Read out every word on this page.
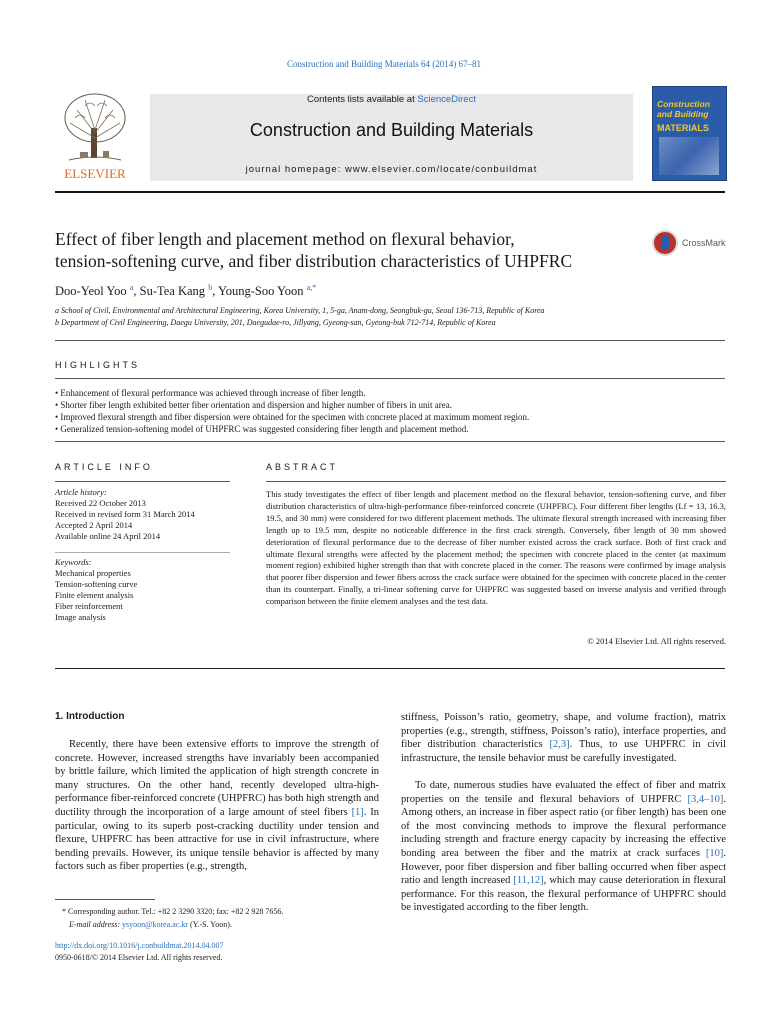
Construction and Building Materials 64 (2014) 67–81
ELSEVIER
Contents lists available at ScienceDirect
Construction and Building Materials
journal homepage: www.elsevier.com/locate/conbuildmat
Construction and Building
MATERIALS
Effect of fiber length and placement method on flexural behavior,
tension-softening curve, and fiber distribution characteristics of UHPFRC
CrossMark
Doo-Yeol Yoo $^a$, Su-Tea Kang $^b$, Young-Soo Yoon $^{a,*}$
a School of Civil, Environmental and Architectural Engineering, Korea University, 1, 5-ga, Anam-dong, Seongbuk-gu, Seoul 136-713, Republic of Korea
b Department of Civil Engineering, Daegu University, 201, Daegudae-ro, Jillyang, Gyeong-san, Gyeong-buk 712-714, Republic of Korea
HIGHLIGHTS
• Enhancement of flexural performance was achieved through increase of fiber length.
• Shorter fiber length exhibited better fiber orientation and dispersion and higher number of fibers in unit area.
• Improved flexural strength and fiber dispersion were obtained for the specimen with concrete placed at maximum moment region.
• Generalized tension-softening model of UHPFRC was suggested considering fiber length and placement method.
ARTICLE INFO
Article history:
Received 22 October 2013
Received in revised form 31 March 2014
Accepted 2 April 2014
Available online 24 April 2014
Keywords:
Mechanical properties
Tension-softening curve
Finite element analysis
Fiber reinforcement
Image analysis
ABSTRACT
This study investigates the effect of fiber length and placement method on the flexural behavior, tension-softening curve, and fiber distribution characteristics of ultra-high-performance fiber-reinforced concrete (UHPFRC). Four different fiber lengths (Lf = 13, 16.3, 19.5, and 30 mm) were considered for two different placement methods. The ultimate flexural strength increased with increasing fiber length up to 19.5 mm, despite no noticeable difference in the first crack strength. Conversely, fiber length of 30 mm showed deterioration of flexural performance due to the decrease of fiber number existed across the crack surface. Both of first crack and ultimate flexural strengths were affected by the placement method; the specimen with concrete placed in the center (at maximum moment region) exhibited higher strength than that with concrete placed in the corner. The reasons were confirmed by image analysis that poorer fiber dispersion and fewer fibers across the crack surface were obtained for the specimen with concrete placed in the center than its counterpart. Finally, a tri-linear softening curve for UHPFRC was suggested based on inverse analysis and verified through comparison between the finite element analyses and the test data.
© 2014 Elsevier Ltd. All rights reserved.
1. Introduction
Recently, there have been extensive efforts to improve the strength of concrete. However, increased strengths have invariably been accompanied by brittle failure, which limited the application of high strength concrete in many structures. On the other hand, recently developed ultra-high-performance fiber-reinforced concrete (UHPFRC) has both high strength and ductility through the incorporation of a large amount of steel fibers [1]. In particular, owing to its superb post-cracking ductility under tension and flexure, UHPFRC has been attractive for use in civil infrastructure, where bending prevails. However, its unique tensile behavior is affected by many factors such as fiber properties (e.g., strength,
stiffness, Poisson’s ratio, geometry, shape, and volume fraction), matrix properties (e.g., strength, stiffness, Poisson’s ratio), interface properties, and fiber distribution characteristics [2,3]. Thus, to use UHPFRC in civil infrastructure, the tensile behavior must be carefully investigated.
To date, numerous studies have evaluated the effect of fiber and matrix properties on the tensile and flexural behaviors of UHPFRC [3,4–10]. Among others, an increase in fiber aspect ratio (or fiber length) has been one of the most convincing methods to improve the flexural performance including strength and fracture energy capacity by increasing the effective bonding area between the fiber and the matrix at crack surfaces [10]. However, poor fiber dispersion and fiber balling occurred when fiber aspect ratio and length increased [11,12], which may cause deterioration in flexural performance. For this reason, the flexural performance of UHPFRC should be investigated according to the fiber length.
* Corresponding author. Tel.: +82 2 3290 3320; fax: +82 2 928 7656.
E-mail address: ysyoon@korea.ac.kr (Y.-S. Yoon).
http://dx.doi.org/10.1016/j.conbuildmat.2014.04.007
0950-0618/© 2014 Elsevier Ltd. All rights reserved.
